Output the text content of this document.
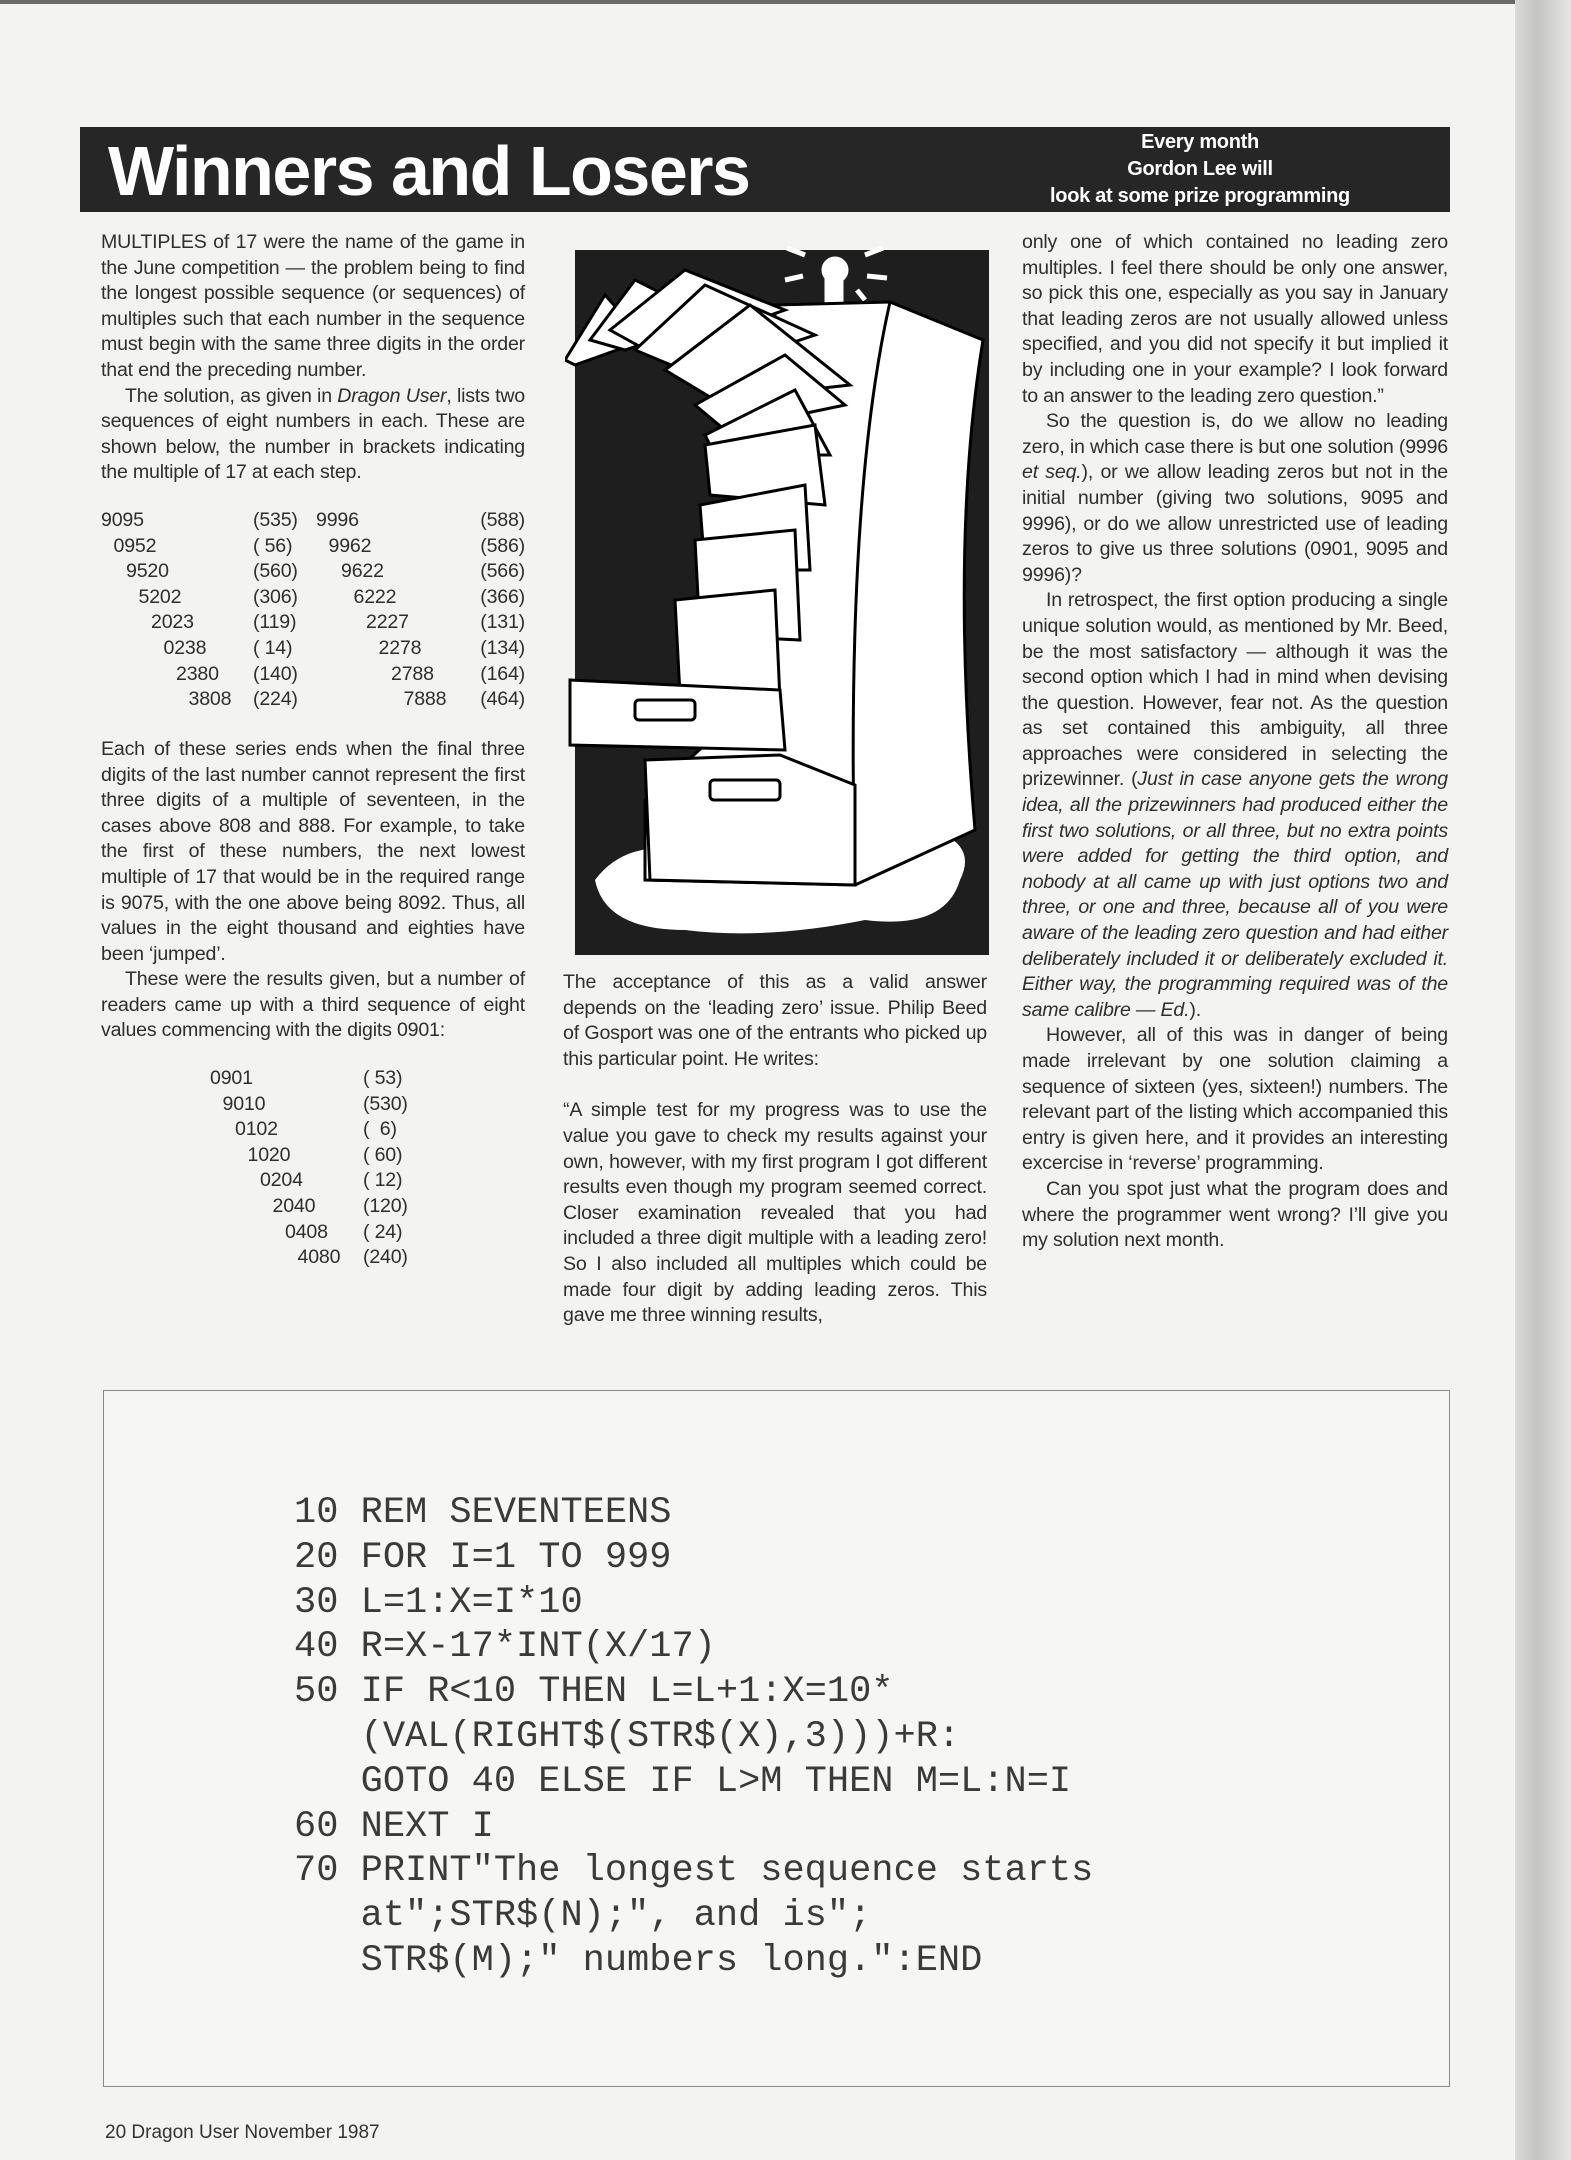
Winners and Losers	Every month
Gordon Lee will
look at some prize programming

MULTIPLES of 17 were the name of the game in the June competition — the problem being to find the longest possible sequence (or sequences) of multiples such that each number in the sequence must begin with the same three digits in the order that end the preceding number.

The solution, as given in Dragon User, lists two sequences of eight numbers in each. These are shown below, the number in brackets indicating the multiple of 17 at each step.

9095	(535)
0952	( 56)
9520	(560)
5202	(306)
2023	(119)
0238 ( 14)
2380 (140)
3808 (224)
9996	(588)
9962	(586)
9622	(566)
6222	(366)
2227	(131)
2278	(134)
2788 (164)
7888 (464)

Each of these series ends when the final three digits of the last number cannot represent the first three digits of a multiple of seventeen, in the cases above 808 and 888. For example, to take the first of these numbers, the next lowest multiple of 17 that would be in the required range is 9075, with the one above being 8092. Thus, all values in the eight thousand and eighties have been ‘jumped’.

These were the results given, but a number of readers came up with a third sequence of eight values commencing with the digits 0901:

0901	( 53)
9010	(530)
0102	(  6)
1020	( 60)
0204	( 12)
2040 (120)
0408 ( 24)
4080 (240)

The acceptance of this as a valid answer depends on the ‘leading zero’ issue. Philip Beed of Gosport was one of the entrants who picked up this particular point. He writes:

“A simple test for my progress was to use the value you gave to check my results against your own, however, with my first program I got different results even though my program seemed correct. Closer examination revealed that you had included a three digit multiple with a leading zero! So I also included all multiples which could be made four digit by adding leading zeros. This gave me three winning results,

only one of which contained no leading zero multiples. I feel there should be only one answer, so pick this one, especially as you say in January that leading zeros are not usually allowed unless specified, and you did not specify it but implied it by including one in your example? I look forward to an answer to the leading zero question.”

So the question is, do we allow no leading zero, in which case there is but one solution (9996 et seq.), or we allow leading zeros but not in the initial number (giving two solutions, 9095 and 9996), or do we allow unrestricted use of leading zeros to give us three solutions (0901, 9095 and 9996)?

In retrospect, the first option producing a single unique solution would, as mentioned by Mr. Beed, be the most satisfactory — although it was the second option which I had in mind when devising the question. However, fear not. As the question as set contained this ambiguity, all three approaches were considered in selecting the prizewinner. (Just in case anyone gets the wrong idea, all the prizewinners had produced either the first two solutions, or all three, but no extra points were added for getting the third option, and nobody at all came up with just options two and three, or one and three, because all of you were aware of the leading zero question and had either deliberately included it or deliberately excluded it. Either way, the programming required was of the same calibre — Ed.).

However, all of this was in danger of being made irrelevant by one solution claiming a sequence of sixteen (yes, sixteen!) numbers. The relevant part of the listing which accompanied this entry is given here, and it provides an interesting excercise in ‘reverse’ programming.

Can you spot just what the program does and where the programmer went wrong? I’ll give you my solution next month.

10 REM SEVENTEENS
20 FOR I=1 TO 999
30 L=1:X=I*10
40 R=X-17*INT(X/17)
50 IF R<10 THEN L=L+1:X=10*
(VAL(RIGHT$(STR$(X),3)))+R:
GOTO 40 ELSE IF L>M THEN M=L:N=I
60 NEXT I
70 PRINT"The longest sequence starts
at";STR$(N);", and is";
STR$(M);" numbers long.":END
20 Dragon User November 1987
